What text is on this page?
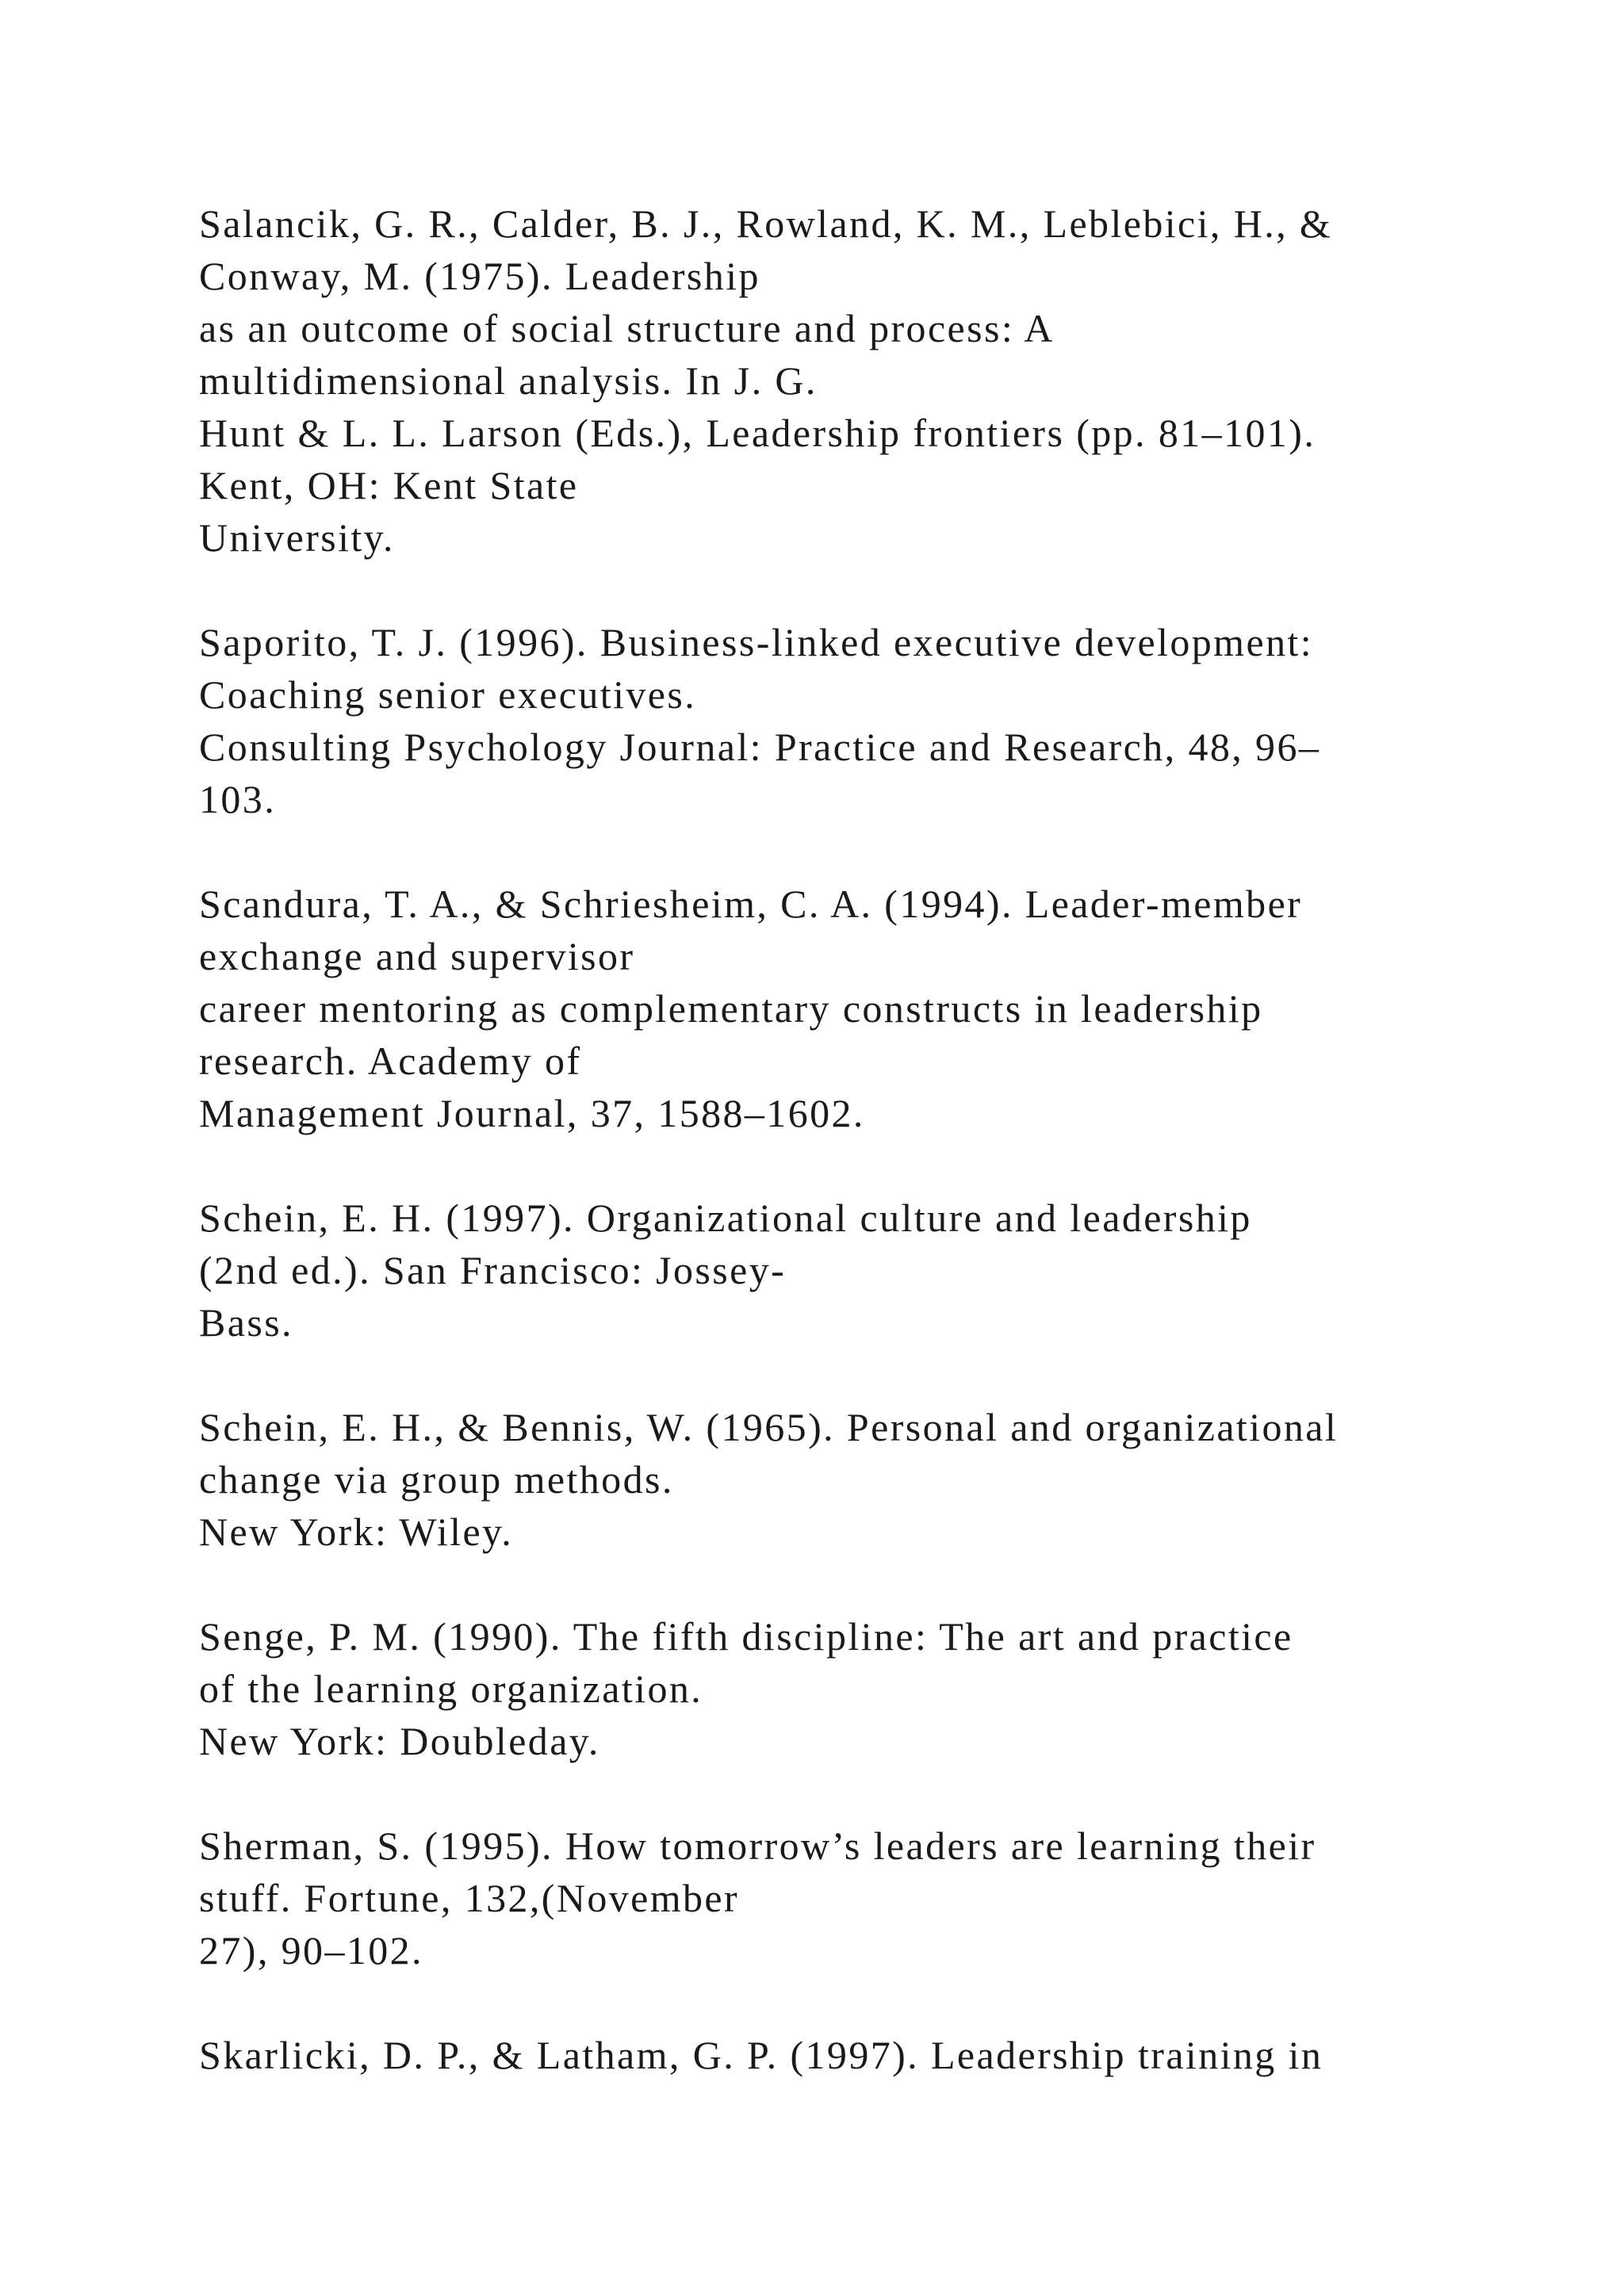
Salancik, G. R., Calder, B. J., Rowland, K. M., Leblebici, H., &
Conway, M. (1975). Leadership
as an outcome of social structure and process: A
multidimensional analysis. In J. G.
Hunt & L. L. Larson (Eds.), Leadership frontiers (pp. 81–101).
Kent, OH: Kent State
University.
Saporito, T. J. (1996). Business-linked executive development:
Coaching senior executives.
Consulting Psychology Journal: Practice and Research, 48, 96–
103.
Scandura, T. A., & Schriesheim, C. A. (1994). Leader-member
exchange and supervisor
career mentoring as complementary constructs in leadership
research. Academy of
Management Journal, 37, 1588–1602.
Schein, E. H. (1997). Organizational culture and leadership
(2nd ed.). San Francisco: Jossey-
Bass.
Schein, E. H., & Bennis, W. (1965). Personal and organizational
change via group methods.
New York: Wiley.
Senge, P. M. (1990). The fifth discipline: The art and practice
of the learning organization.
New York: Doubleday.
Sherman, S. (1995). How tomorrow’s leaders are learning their
stuff. Fortune, 132,(November
27), 90–102.
Skarlicki, D. P., & Latham, G. P. (1997). Leadership training in
